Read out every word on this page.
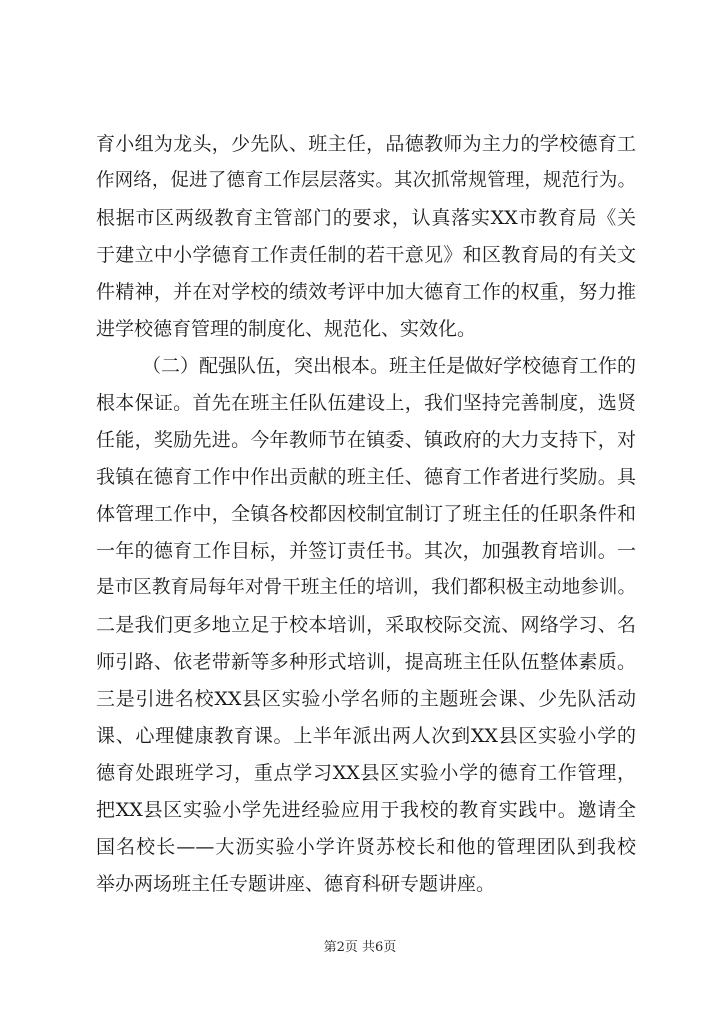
育小组为龙头，少先队、班主任，品德教师为主力的学校德育工
作网络，促进了德育工作层层落实。其次抓常规管理，规范行为。
根据市区两级教育主管部门的要求，认真落实XX市教育局《关
于建立中小学德育工作责任制的若干意见》和区教育局的有关文
件精神，并在对学校的绩效考评中加大德育工作的权重，努力推
进学校德育管理的制度化、规范化、实效化。
（二）配强队伍，突出根本。班主任是做好学校德育工作的
根本保证。首先在班主任队伍建设上，我们坚持完善制度，选贤
任能，奖励先进。今年教师节在镇委、镇政府的大力支持下，对
我镇在德育工作中作出贡献的班主任、德育工作者进行奖励。具
体管理工作中，全镇各校都因校制宜制订了班主任的任职条件和
一年的德育工作目标，并签订责任书。其次，加强教育培训。一
是市区教育局每年对骨干班主任的培训，我们都积极主动地参训。
二是我们更多地立足于校本培训，采取校际交流、网络学习、名
师引路、依老带新等多种形式培训，提高班主任队伍整体素质。
三是引进名校XX县区实验小学名师的主题班会课、少先队活动
课、心理健康教育课。上半年派出两人次到XX县区实验小学的
德育处跟班学习，重点学习XX县区实验小学的德育工作管理，
把XX县区实验小学先进经验应用于我校的教育实践中。邀请全
国名校长——大沥实验小学许贤苏校长和他的管理团队到我校
举办两场班主任专题讲座、德育科研专题讲座。
第2页 共6页
